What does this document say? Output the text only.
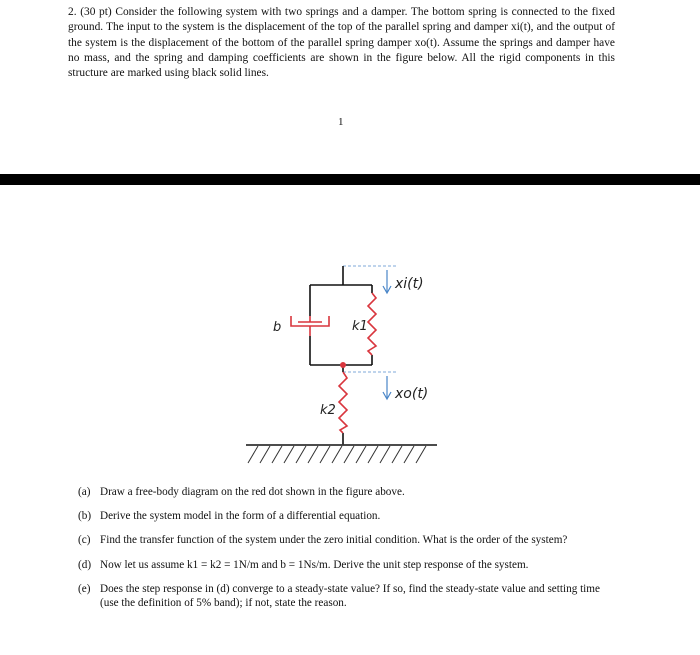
2. (30 pt) Consider the following system with two springs and a damper. The bottom spring is connected to the fixed ground. The input to the system is the displacement of the top of the parallel spring and damper xi(t), and the output of the system is the displacement of the bottom of the parallel spring damper xo(t). Assume the springs and damper have no mass, and the spring and damping coefficients are shown in the figure below. All the rigid components in this structure are marked using black solid lines.

1
b	k1
k2
xi(t)
xo(t)
(a) Draw a free-body diagram on the red dot shown in the figure above.
(b) Derive the system model in the form of a differential equation.
(c) Find the transfer function of the system under the zero initial condition. What is the order of the system?
(d) Now let us assume k1 = k2 = 1N/m and b = 1Ns/m. Derive the unit step response of the system.
(e) Does the step response in (d) converge to a steady-state value? If so, find the steady-state value and setting time (use the definition of 5% band); if not, state the reason.
